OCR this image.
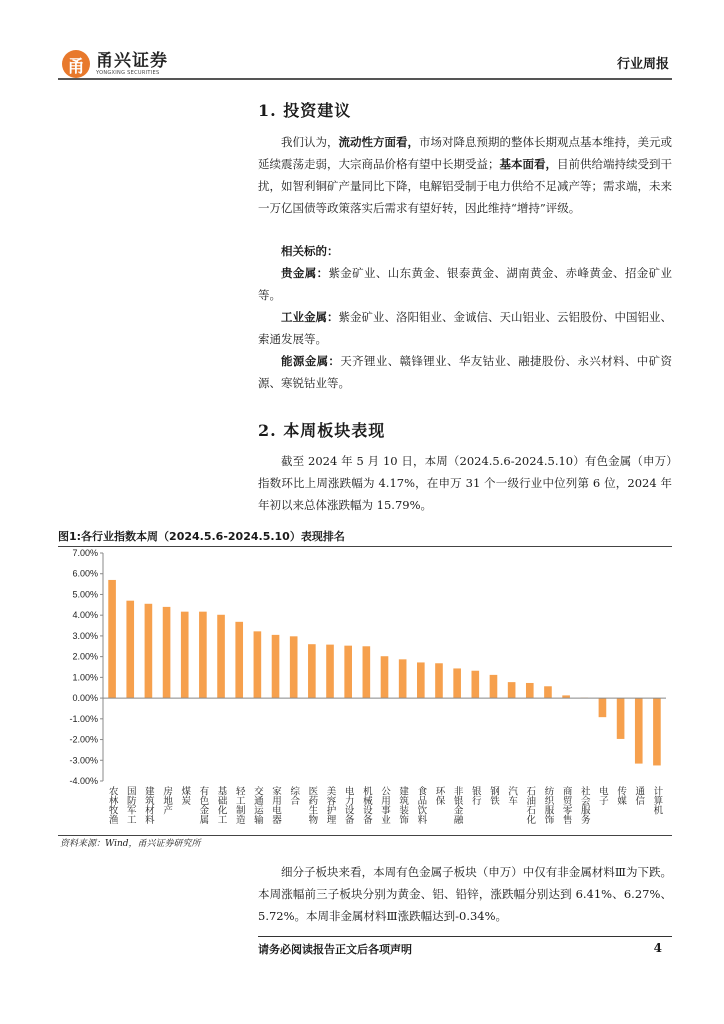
甬 甬兴证券
YONGXING SECURITIES
行业周报
1. 投资建议

我们认为，流动性方面看，市场对降息预期的整体长期观点基本维持，美元或延续震荡走弱，大宗商品价格有望中长期受益；基本面看，目前供给端持续受到干扰，如智利铜矿产量同比下降，电解铝受制于电力供给不足减产等；需求端，未来一万亿国债等政策落实后需求有望好转，因此维持“增持”评级。

相关标的：

贵金属：紫金矿业、山东黄金、银泰黄金、湖南黄金、赤峰黄金、招金矿业等。

工业金属：紫金矿业、洛阳钼业、金诚信、天山铝业、云铝股份、中国铝业、索通发展等。

能源金属：天齐锂业、赣锋锂业、华友钴业、融捷股份、永兴材料、中矿资源、寒锐钴业等。

2. 本周板块表现

截至 2024 年 5 月 10 日，本周（2024.5.6-2024.5.10）有色金属（申万）指数环比上周涨跌幅为 4.17%，在申万 31 个一级行业中位列第 6 位，2024 年年初以来总体涨跌幅为 15.79%。

图1:各行业指数本周（2024.5.6-2024.5.10）表现排名
-4.00%
-3.00%
-2.00%
-1.00%
0.00%
1.00%
2.00%
3.00%
4.00%
5.00%
6.00%
7.00%
农林牧渔 国防军工 建筑材料 房地产 煤炭 有色金属 基础化工 轻工制造 交通运输 家用电器 综合 医药生物 美容护理 电力设备 机械设备 公用事业 建筑装饰 食品饮料 环保 非银金融 银行 钢铁 汽车 石油石化 纺织服饰 商贸零售 社会服务 电子 传媒 通信 计算机
资料来源：Wind，甬兴证券研究所

细分子板块来看，本周有色金属子板块（申万）中仅有非金属材料Ⅲ为下跌。本周涨幅前三子板块分别为黄金、铝、铅锌，涨跌幅分别达到 6.41%、6.27%、5.72%。本周非金属材料Ⅲ涨跌幅达到-0.34%。

请务必阅读报告正文后各项声明	4
